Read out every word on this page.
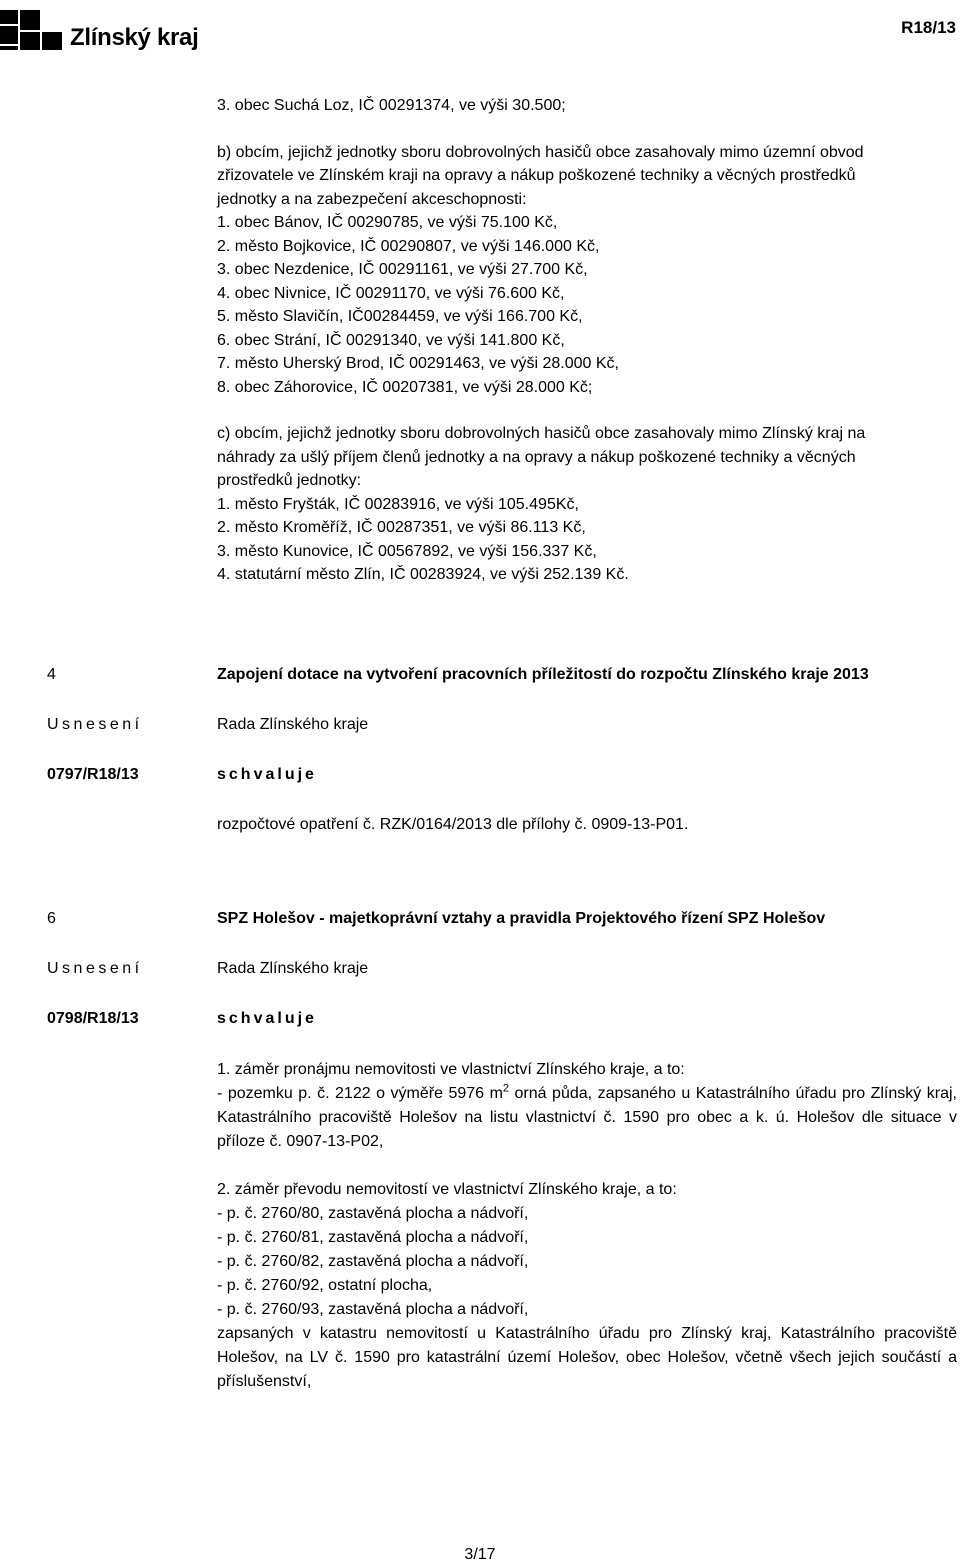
Zlínský kraj	R18/13
3. obec Suchá Loz, IČ 00291374, ve výši 30.500;
b) obcím, jejichž jednotky sboru dobrovolných hasičů obce zasahovaly mimo územní obvod
zřizovatele ve Zlínském kraji na opravy a nákup poškozené techniky a věcných prostředků
jednotky a na zabezpečení akceschopnosti:
1. obec Bánov, IČ 00290785, ve výši 75.100 Kč,
2. město Bojkovice, IČ 00290807, ve výši 146.000 Kč,
3. obec Nezdenice, IČ 00291161, ve výši 27.700 Kč,
4. obec Nivnice, IČ 00291170, ve výši 76.600 Kč,
5. město Slavičín, IČ00284459, ve výši 166.700 Kč,
6. obec Strání, IČ 00291340, ve výši 141.800 Kč,
7. město Uherský Brod, IČ 00291463, ve výši 28.000 Kč,
8. obec Záhorovice, IČ 00207381, ve výši 28.000 Kč;
c) obcím, jejichž jednotky sboru dobrovolných hasičů obce zasahovaly mimo Zlínský kraj na
náhrady za ušlý příjem členů jednotky a na opravy a nákup poškozené techniky a věcných
prostředků jednotky:
1. město Fryšták, IČ 00283916, ve výši 105.495Kč,
2. město Kroměříž, IČ 00287351, ve výši 86.113 Kč,
3. město Kunovice, IČ 00567892, ve výši 156.337 Kč,
4. statutární město Zlín, IČ 00283924, ve výši 252.139 Kč.
4	Zapojení dotace na vytvoření pracovních příležitostí do rozpočtu Zlínského kraje 2013
Usnesení	Rada Zlínského kraje
0797/R18/13	schvaluje
rozpočtové opatření č. RZK/0164/2013 dle přílohy č. 0909-13-P01.
6	SPZ Holešov - majetkoprávní vztahy a pravidla Projektového řízení SPZ Holešov
Usnesení	Rada Zlínského kraje
0798/R18/13	schvaluje
1. záměr pronájmu nemovitosti ve vlastnictví Zlínského kraje, a to:
- pozemku p. č. 2122 o výměře 5976 $m^2$ orná půda, zapsaného u Katastrálního úřadu pro Zlínský kraj, Katastrálního pracoviště Holešov na listu vlastnictví č. 1590 pro obec a k. ú. Holešov dle situace v příloze č. 0907-13-P02,
2. záměr převodu nemovitostí ve vlastnictví Zlínského kraje, a to:
- p. č. 2760/80, zastavěná plocha a nádvoří,
- p. č. 2760/81, zastavěná plocha a nádvoří,
- p. č. 2760/82, zastavěná plocha a nádvoří,
- p. č. 2760/92, ostatní plocha,
- p. č. 2760/93, zastavěná plocha a nádvoří,
zapsaných v katastru nemovitostí u Katastrálního úřadu pro Zlínský kraj, Katastrálního pracoviště Holešov, na LV č. 1590 pro katastrální území Holešov, obec Holešov, včetně všech jejich součástí a příslušenství,
3/17
